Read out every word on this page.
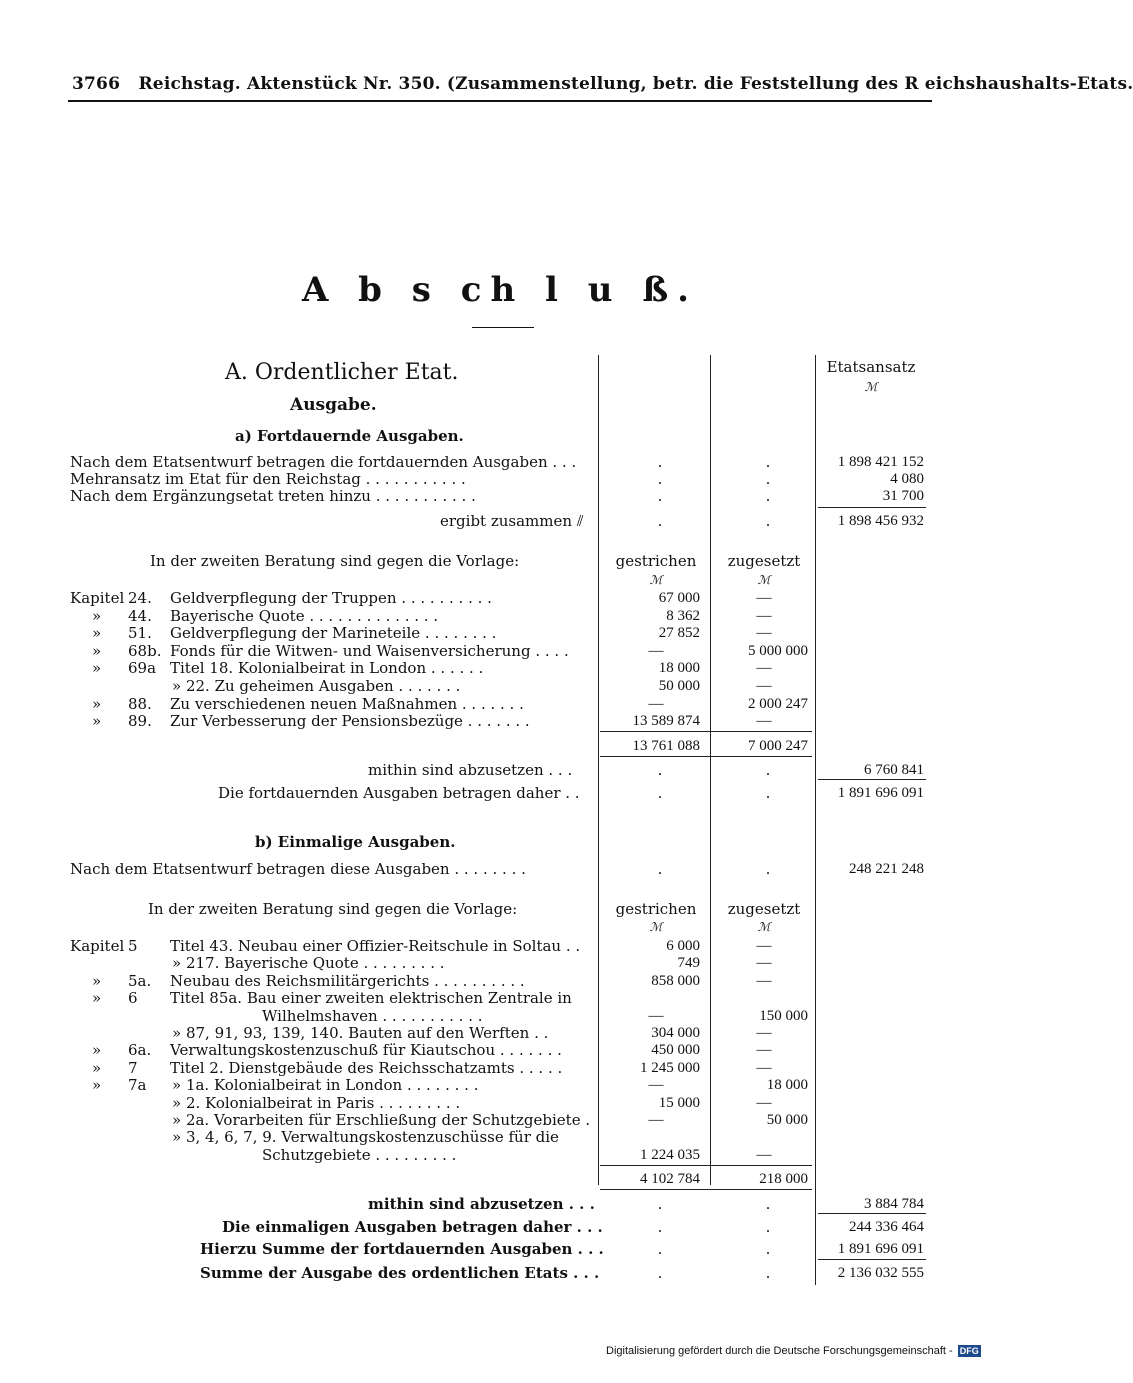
3766 Reichstag. Aktenstück Nr. 350. (Zusammenstellung, betr. die Feststellung des R eichshaushalts-Etats.
A b s ch l u ß.
A. Ordentlicher Etat.
Ausgabe.
Etatsansatz
ℳ
a) Fortdauernde Ausgaben.
Nach dem Etatsentwurf betragen die fortdauernden Ausgaben . . .	.	.	1 898 421 152
Mehransatz im Etat für den Reichstag . . . . . . . . . . .	.	.	4 080
Nach dem Ergänzungsetat treten hinzu . . . . . . . . . . .	.	.	31 700
ergibt zusammen ⫽	.	.	1 898 456 932
In der zweiten Beratung sind gegen die Vorlage:	gestrichen	zugesetzt
ℳ	ℳ
Kapitel 24. Geldverpflegung der Truppen . . . . . . . . . .	67 000	—
» 44. Bayerische Quote . . . . . . . . . . . . . .	8 362	—
» 51. Geldverpflegung der Marineteile . . . . . . . .	27 852	—
» 68b. Fonds für die Witwen- und Waisenversicherung . . . .	—	5 000 000
» 69a Titel 18. Kolonialbeirat in London . . . . . .	18 000	—
» 22. Zu geheimen Ausgaben . . . . . . .	50 000	—
» 88. Zu verschiedenen neuen Maßnahmen . . . . . . .	—	2 000 247
» 89. Zur Verbesserung der Pensionsbezüge . . . . . . .	13 589 874	—
13 761 088	7 000 247
mithin sind abzusetzen . . .	.	.	6 760 841
Die fortdauernden Ausgaben betragen daher . .	.	.	1 891 696 091
b) Einmalige Ausgaben.
Nach dem Etatsentwurf betragen diese Ausgaben . . . . . . . .	.	.	248 221 248
In der zweiten Beratung sind gegen die Vorlage:	gestrichen	zugesetzt
ℳ	ℳ
Kapitel 5 Titel 43. Neubau einer Offizier-Reitschule in Soltau . .	6 000	—
» 217. Bayerische Quote . . . . . . . . .	749	—
» 5a. Neubau des Reichsmilitärgerichts . . . . . . . . . .	858 000	—
» 6 Titel 85a. Bau einer zweiten elektrischen Zentrale in
Wilhelmshaven . . . . . . . . . . .	—	150 000
» 87, 91, 93, 139, 140. Bauten auf den Werften . .	304 000	—
» 6a. Verwaltungskostenzuschuß für Kiautschou . . . . . . .	450 000	—
» 7 Titel 2. Dienstgebäude des Reichsschatzamts . . . . .	1 245 000	—
» 7a » 1a. Kolonialbeirat in London . . . . . . . .	—	18 000
» 2. Kolonialbeirat in Paris . . . . . . . . .	15 000	—
» 2a. Vorarbeiten für Erschließung der Schutzgebiete .	—	50 000
» 3, 4, 6, 7, 9. Verwaltungskostenzuschüsse für die
Schutzgebiete . . . . . . . . .	1 224 035	—
4 102 784	218 000
mithin sind abzusetzen . . .	.	.	3 884 784
Die einmaligen Ausgaben betragen daher . . .	.	.	244 336 464
Hierzu Summe der fortdauernden Ausgaben . . .	.	.	1 891 696 091
Summe der Ausgabe des ordentlichen Etats . . .	.	.	2 136 032 555
Digitalisierung gefördert durch die Deutsche Forschungsgemeinschaft - DFG
